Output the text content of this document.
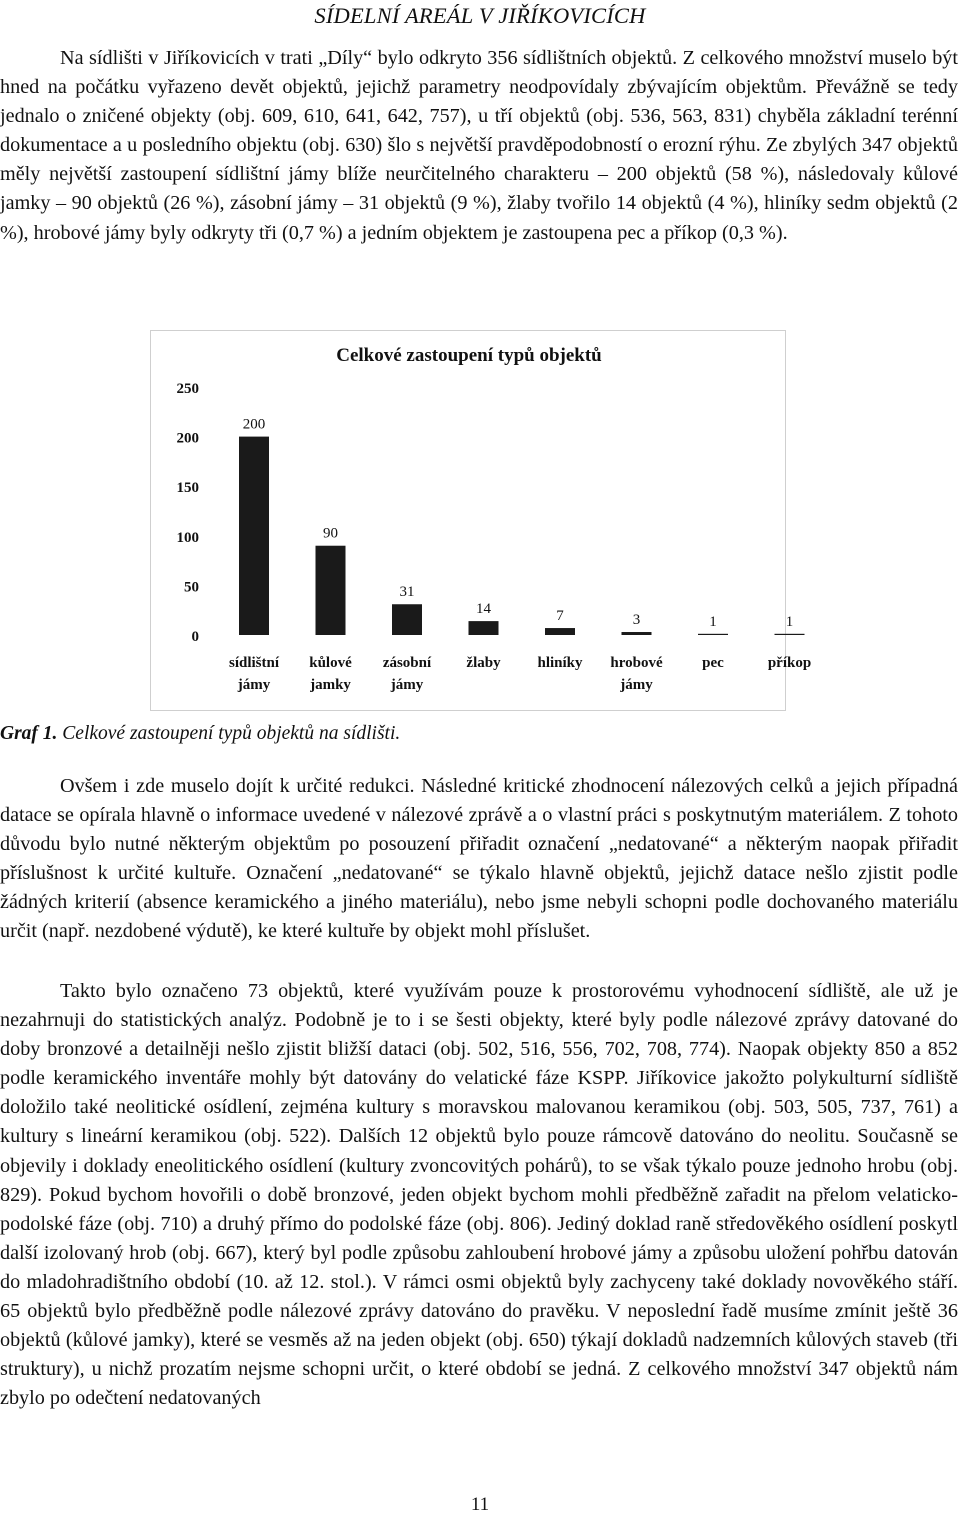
SÍDELNÍ AREÁL V JIŘÍKOVICÍCH

Na sídlišti v Jiříkovicích v trati „Díly“ bylo odkryto 356 sídlištních objektů. Z celkového množství muselo být hned na počátku vyřazeno devět objektů, jejichž parametry neodpovídaly zbývajícím objektům. Převážně se tedy jednalo o zničené objekty (obj. 609, 610, 641, 642, 757), u tří objektů (obj. 536, 563, 831) chyběla základní terénní dokumentace a u posledního objektu (obj. 630) šlo s největší pravděpodobností o erozní rýhu. Ze zbylých 347 objektů měly největší zastoupení sídlištní jámy blíže neurčitelného charakteru – 200 objektů (58 %), následovaly kůlové jamky – 90 objektů (26 %), zásobní jámy – 31 objektů (9 %), žlaby tvořilo 14 objektů (4 %), hliníky sedm objektů (2 %), hrobové jámy byly odkryty tři (0,7 %) a jedním objektem je zastoupena pec a příkop (0,3 %).

Celkové zastoupení typů objektů
0
50
100
150
200
250
200
sídlištní
jámy
90
kůlové
jamky
31
zásobní
jámy
14
žlaby
7
hliníky
3
hrobové
jámy
1
pec
1
příkop
Graf 1. Celkové zastoupení typů objektů na sídlišti.

Ovšem i zde muselo dojít k určité redukci. Následné kritické zhodnocení nálezových celků a jejich případná datace se opírala hlavně o informace uvedené v nálezové zprávě a o vlastní práci s poskytnutým materiálem. Z tohoto důvodu bylo nutné některým objektům po posouzení přiřadit označení „nedatované“ a některým naopak přiřadit příslušnost k určité kultuře. Označení „nedatované“ se týkalo hlavně objektů, jejichž datace nešlo zjistit podle žádných kriterií (absence keramického a jiného materiálu), nebo jsme nebyli schopni podle dochovaného materiálu určit (např. nezdobené výdutě), ke které kultuře by objekt mohl příslušet.

Takto bylo označeno 73 objektů, které využívám pouze k prostorovému vyhodnocení sídliště, ale už je nezahrnuji do statistických analýz. Podobně je to i se šesti objekty, které byly podle nálezové zprávy datované do doby bronzové a detailněji nešlo zjistit bližší dataci (obj. 502, 516, 556, 702, 708, 774). Naopak objekty 850 a 852 podle keramického inventáře mohly být datovány do velatické fáze KSPP. Jiříkovice jakožto polykulturní sídliště doložilo také neolitické osídlení, zejména kultury s moravskou malovanou keramikou (obj. 503, 505, 737, 761) a kultury s lineární keramikou (obj. 522). Dalších 12 objektů bylo pouze rámcově datováno do neolitu. Současně se objevily i doklady eneolitického osídlení (kultury zvoncovitých pohárů), to se však týkalo pouze jednoho hrobu (obj. 829). Pokud bychom hovořili o době bronzové, jeden objekt bychom mohli předběžně zařadit na přelom velaticko-podolské fáze (obj. 710) a druhý přímo do podolské fáze (obj. 806). Jediný doklad raně středověkého osídlení poskytl další izolovaný hrob (obj. 667), který byl podle způsobu zahloubení hrobové jámy a způsobu uložení pohřbu datován do mladohradištního období (10. až 12. stol.). V rámci osmi objektů byly zachyceny také doklady novověkého stáří. 65 objektů bylo předběžně podle nálezové zprávy datováno do pravěku. V neposlední řadě musíme zmínit ještě 36 objektů (kůlové jamky), které se vesměs až na jeden objekt (obj. 650) týkají dokladů nadzemních kůlových staveb (tři struktury), u nichž prozatím nejsme schopni určit, o které období se jedná. Z celkového množství 347 objektů nám zbylo po odečtení nedatovaných

11
